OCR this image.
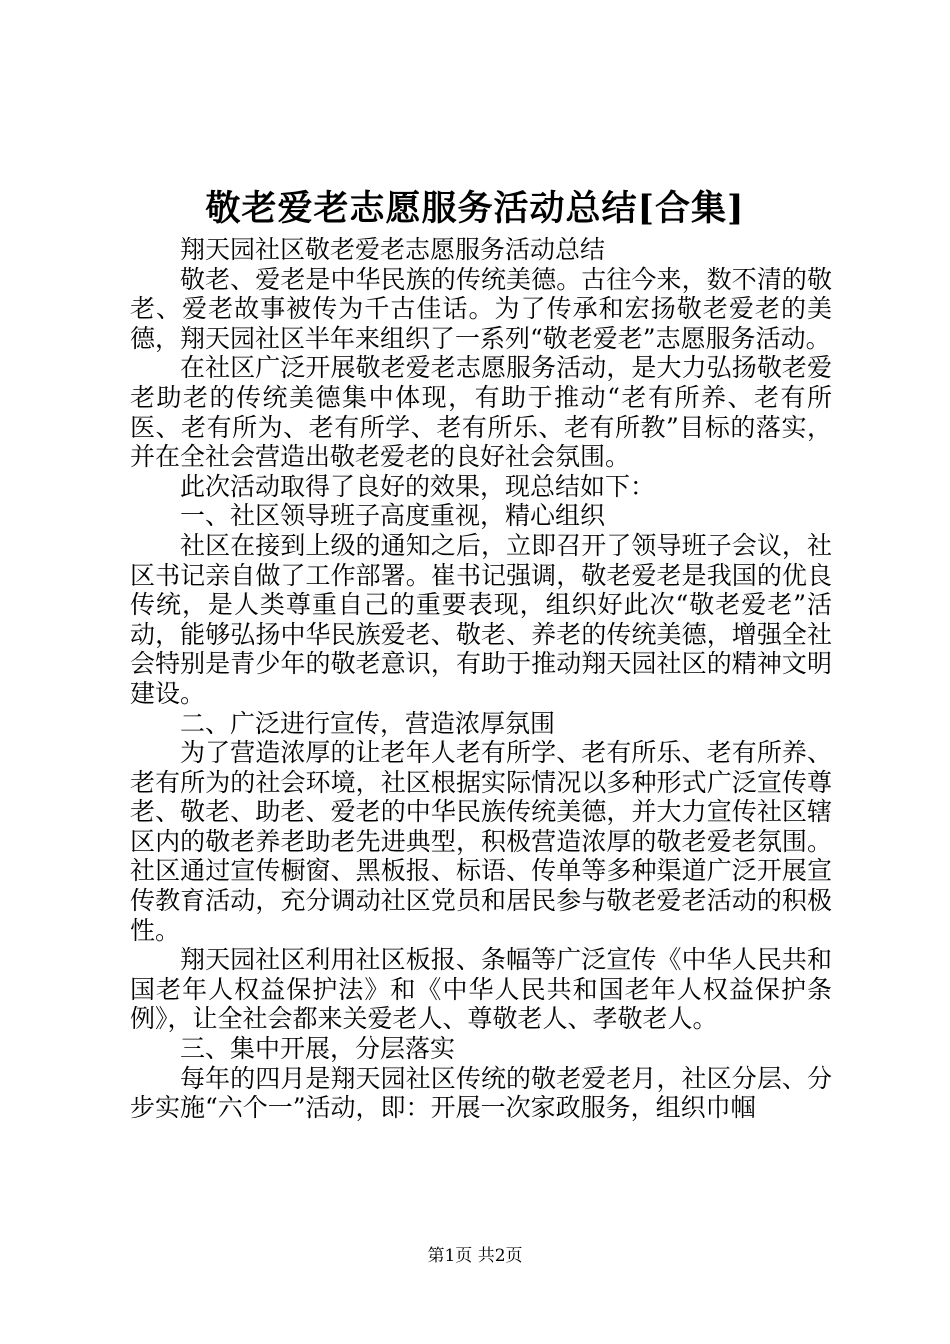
敬老爱老志愿服务活动总结[合集]

翔天园社区敬老爱老志愿服务活动总结

敬老、爱老是中华民族的传统美德。古往今来，数不清的敬老、爱老故事被传为千古佳话。为了传承和宏扬敬老爱老的美德，翔天园社区半年来组织了一系列“敬老爱老”志愿服务活动。

在社区广泛开展敬老爱老志愿服务活动，是大力弘扬敬老爱老助老的传统美德集中体现，有助于推动“老有所养、老有所医、老有所为、老有所学、老有所乐、老有所教”目标的落实，并在全社会营造出敬老爱老的良好社会氛围。

此次活动取得了良好的效果，现总结如下：

一、社区领导班子高度重视，精心组织

社区在接到上级的通知之后，立即召开了领导班子会议，社区书记亲自做了工作部署。崔书记强调，敬老爱老是我国的优良传统，是人类尊重自己的重要表现，组织好此次“敬老爱老”活动，能够弘扬中华民族爱老、敬老、养老的传统美德，增强全社会特别是青少年的敬老意识，有助于推动翔天园社区的精神文明建设。

二、广泛进行宣传，营造浓厚氛围

为了营造浓厚的让老年人老有所学、老有所乐、老有所养、老有所为的社会环境，社区根据实际情况以多种形式广泛宣传尊老、敬老、助老、爱老的中华民族传统美德，并大力宣传社区辖区内的敬老养老助老先进典型，积极营造浓厚的敬老爱老氛围。社区通过宣传橱窗、黑板报、标语、传单等多种渠道广泛开展宣传教育活动，充分调动社区党员和居民参与敬老爱老活动的积极性。

翔天园社区利用社区板报、条幅等广泛宣传《中华人民共和国老年人权益保护法》和《中华人民共和国老年人权益保护条例》，让全社会都来关爱老人、尊敬老人、孝敬老人。

三、集中开展，分层落实

每年的四月是翔天园社区传统的敬老爱老月，社区分层、分步实施“六个一”活动，即：开展一次家政服务，组织巾帼

第1页 共2页
